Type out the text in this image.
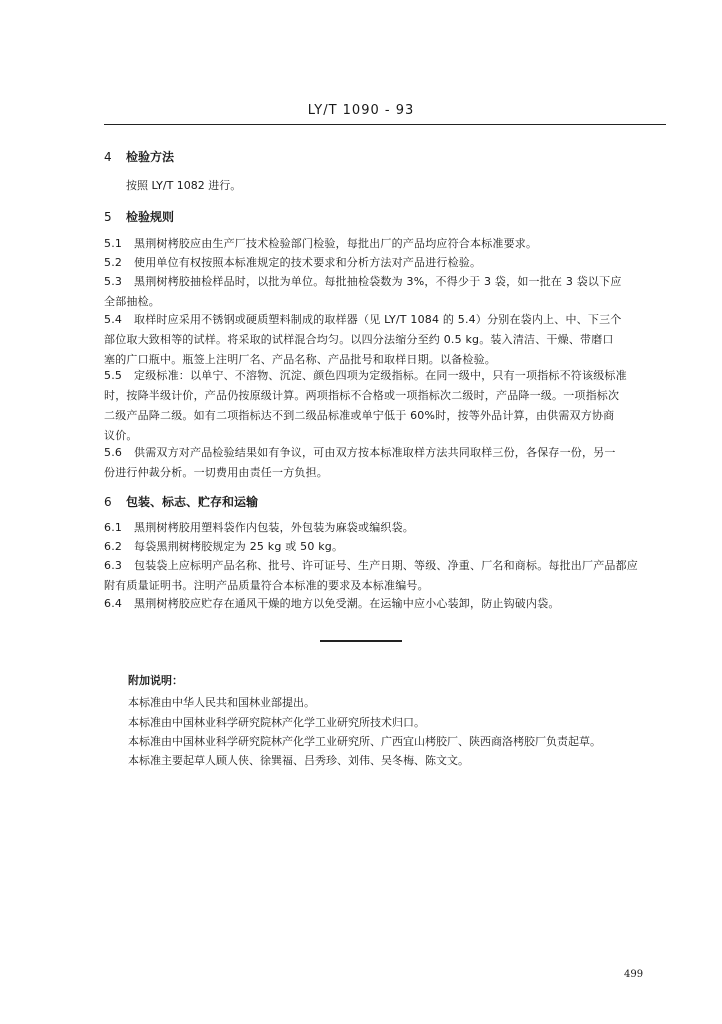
LY/T 1090 - 93
4 检验方法
按照 LY/T 1082 进行。
5 检验规则
5.1 黑荆树栲胶应由生产厂技术检验部门检验，每批出厂的产品均应符合本标准要求。
5.2 使用单位有权按照本标准规定的技术要求和分析方法对产品进行检验。
5.3 黑荆树栲胶抽检样品时，以批为单位。每批抽检袋数为 3%，不得少于 3 袋，如一批在 3 袋以下应
全部抽检。
5.4 取样时应采用不锈钢或硬质塑料制成的取样器（见 LY/T 1084 的 5.4）分别在袋内上、中、下三个
部位取大致相等的试样。将采取的试样混合均匀。以四分法缩分至约 0.5 kg。装入清洁、干燥、带磨口
塞的广口瓶中。瓶签上注明厂名、产品名称、产品批号和取样日期。以备检验。
5.5 定级标准：以单宁、不溶物、沉淀、颜色四项为定级指标。在同一级中，只有一项指标不符该级标准
时，按降半级计价，产品仍按原级计算。两项指标不合格或一项指标次二级时，产品降一级。一项指标次
二级产品降二级。如有二项指标达不到二级品标准或单宁低于 60%时，按等外品计算，由供需双方协商
议价。
5.6 供需双方对产品检验结果如有争议，可由双方按本标准取样方法共同取样三份，各保存一份，另一
份进行仲裁分析。一切费用由责任一方负担。
6 包装、标志、贮存和运输
6.1 黑荆树栲胶用塑料袋作内包装，外包装为麻袋或编织袋。
6.2 每袋黑荆树栲胶规定为 25 kg 或 50 kg。
6.3 包装袋上应标明产品名称、批号、许可证号、生产日期、等级、净重、厂名和商标。每批出厂产品都应
附有质量证明书。注明产品质量符合本标准的要求及本标准编号。
6.4 黑荆树栲胶应贮存在通风干燥的地方以免受潮。在运输中应小心装卸，防止钩破内袋。
附加说明：
本标准由中华人民共和国林业部提出。
本标准由中国林业科学研究院林产化学工业研究所技术归口。
本标准由中国林业科学研究院林产化学工业研究所、广西宜山栲胶厂、陕西商洛栲胶厂负责起草。
本标准主要起草人顾人侠、徐巽福、吕秀珍、刘伟、吴冬梅、陈文文。
499
